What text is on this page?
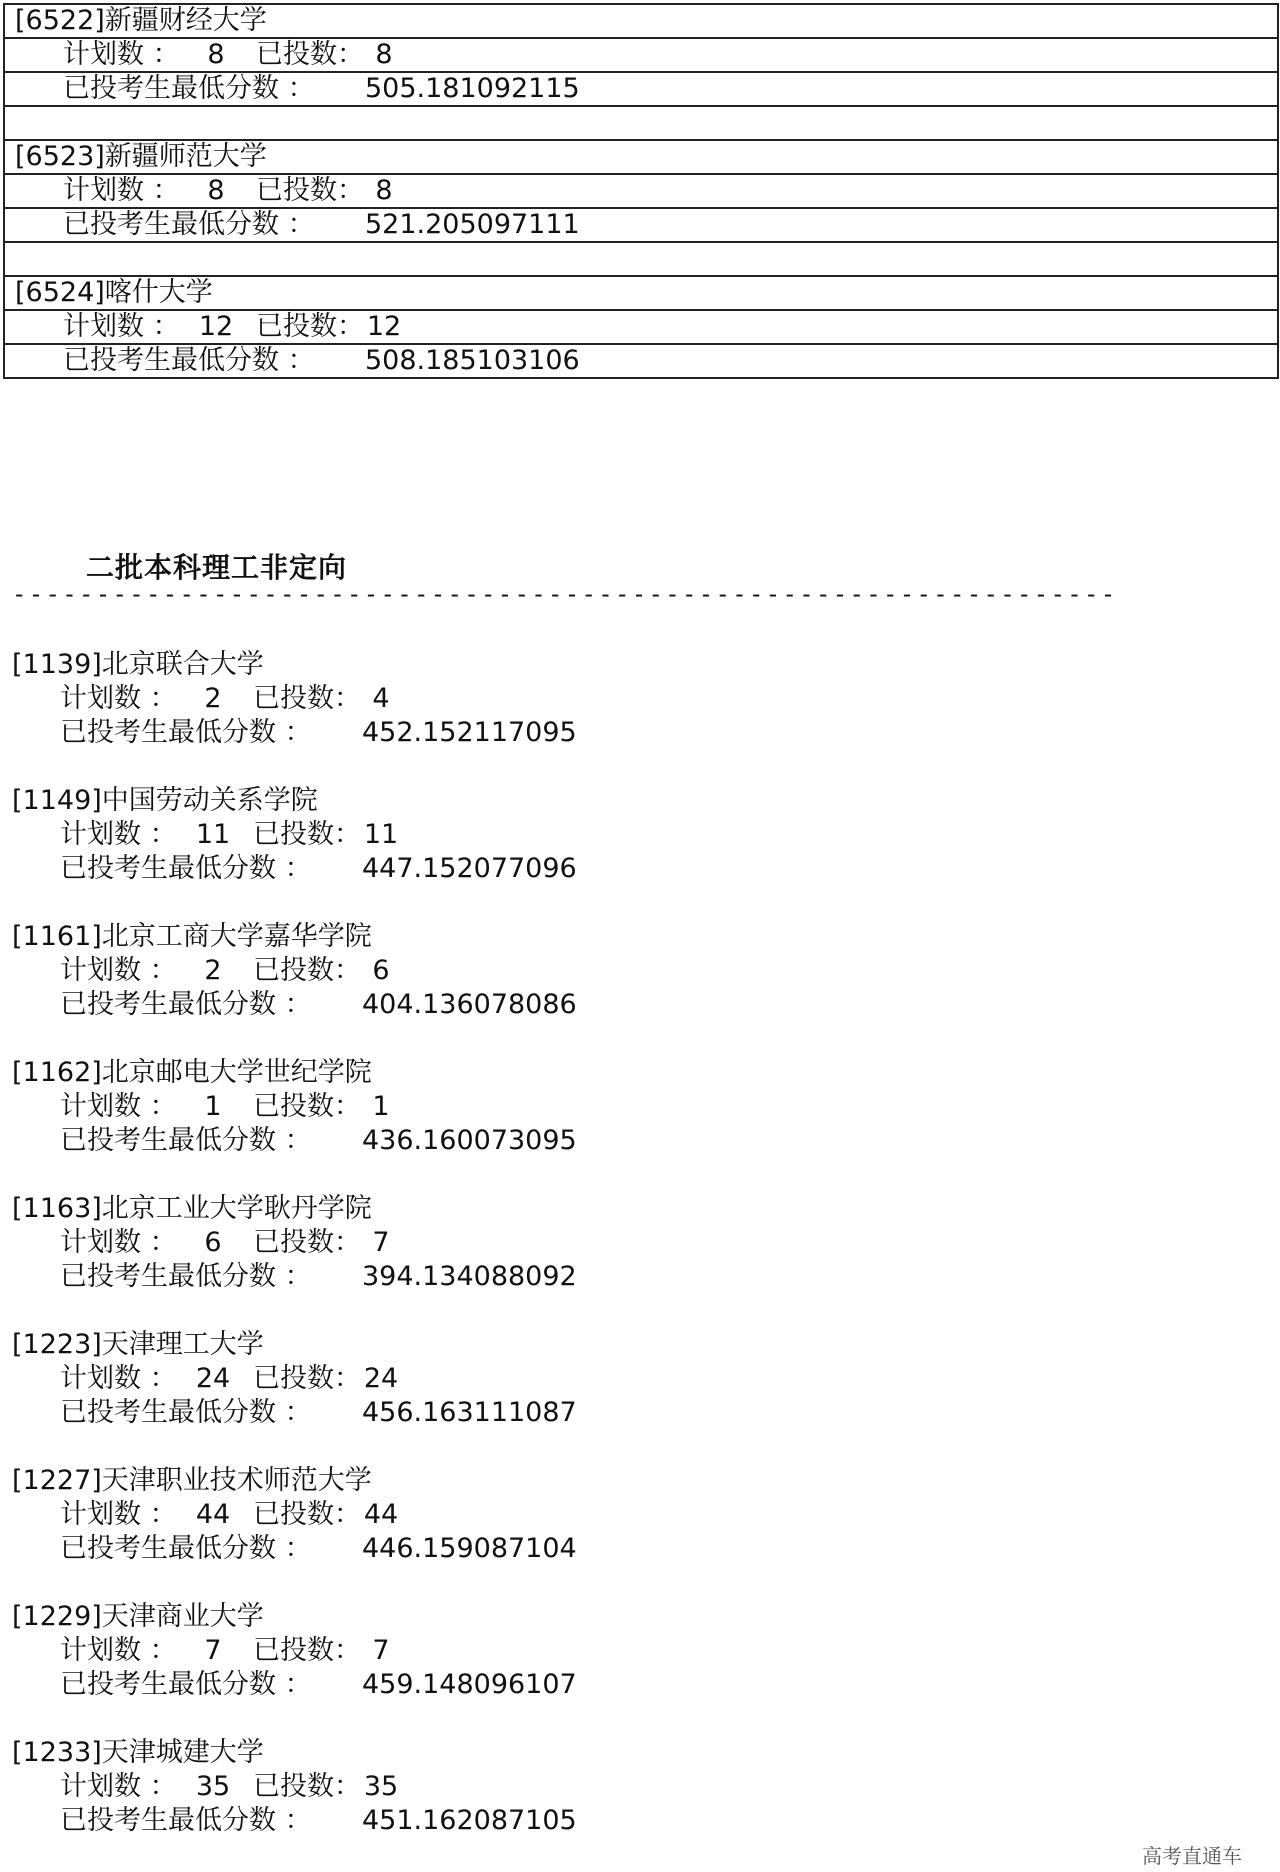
[6522]新疆财经大学
计划数 ： 8 已投数： 8
已投考生最低分数 ： 505.181092115
[6523]新疆师范大学
计划数 ： 8 已投数： 8
已投考生最低分数 ： 521.205097111
[6524]喀什大学
计划数 ： 12 已投数： 12
已投考生最低分数 ： 508.185103106
二批本科理工非定向
------------------------------------------------------------------
[1139]北京联合大学
计划数 ： 2 已投数： 4
已投考生最低分数 ： 452.152117095
[1149]中国劳动关系学院
计划数 ： 11 已投数： 11
已投考生最低分数 ： 447.152077096
[1161]北京工商大学嘉华学院
计划数 ： 2 已投数： 6
已投考生最低分数 ： 404.136078086
[1162]北京邮电大学世纪学院
计划数 ： 1 已投数： 1
已投考生最低分数 ： 436.160073095
[1163]北京工业大学耿丹学院
计划数 ： 6 已投数： 7
已投考生最低分数 ： 394.134088092
[1223]天津理工大学
计划数 ： 24 已投数： 24
已投考生最低分数 ： 456.163111087
[1227]天津职业技术师范大学
计划数 ： 44 已投数： 44
已投考生最低分数 ： 446.159087104
[1229]天津商业大学
计划数 ： 7 已投数： 7
已投考生最低分数 ： 459.148096107
[1233]天津城建大学
计划数 ： 35 已投数： 35
已投考生最低分数 ： 451.162087105
高考直通车
